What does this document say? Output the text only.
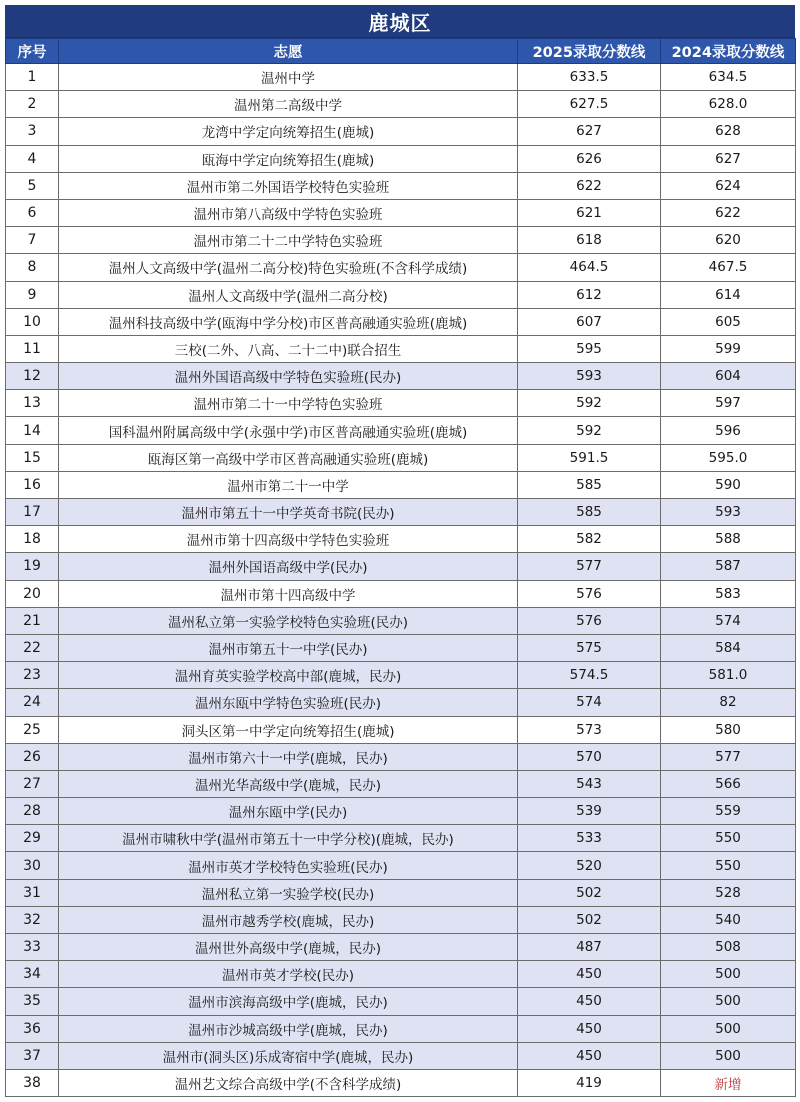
鹿城区
序号	志愿	2025录取分数线	2024录取分数线
1	温州中学	633.5	634.5
2	温州第二高级中学	627.5	628.0
3	龙湾中学定向统筹招生(鹿城)	627	628
4	瓯海中学定向统筹招生(鹿城)	626	627
5	温州市第二外国语学校特色实验班	622	624
6	温州市第八高级中学特色实验班	621	622
7	温州市第二十二中学特色实验班	618	620
8	温州人文高级中学(温州二高分校)特色实验班(不含科学成绩)	464.5	467.5
9	温州人文高级中学(温州二高分校)	612	614
10	温州科技高级中学(瓯海中学分校)市区普高融通实验班(鹿城)	607	605
11	三校(二外、八高、二十二中)联合招生	595	599
12	温州外国语高级中学特色实验班(民办)	593	604
13	温州市第二十一中学特色实验班	592	597
14	国科温州附属高级中学(永强中学)市区普高融通实验班(鹿城)	592	596
15	瓯海区第一高级中学市区普高融通实验班(鹿城)	591.5	595.0
16	温州市第二十一中学	585	590
17	温州市第五十一中学英奇书院(民办)	585	593
18	温州市第十四高级中学特色实验班	582	588
19	温州外国语高级中学(民办)	577	587
20	温州市第十四高级中学	576	583
21	温州私立第一实验学校特色实验班(民办)	576	574
22	温州市第五十一中学(民办)	575	584
23	温州育英实验学校高中部(鹿城，民办)	574.5	581.0
24	温州东瓯中学特色实验班(民办)	574	82
25	洞头区第一中学定向统筹招生(鹿城)	573	580
26	温州市第六十一中学(鹿城，民办)	570	577
27	温州光华高级中学(鹿城，民办)	543	566
28	温州东瓯中学(民办)	539	559
29	温州市啸秋中学(温州市第五十一中学分校)(鹿城，民办)	533	550
30	温州市英才学校特色实验班(民办)	520	550
31	温州私立第一实验学校(民办)	502	528
32	温州市越秀学校(鹿城，民办)	502	540
33	温州世外高级中学(鹿城，民办)	487	508
34	温州市英才学校(民办)	450	500
35	温州市滨海高级中学(鹿城，民办)	450	500
36	温州市沙城高级中学(鹿城，民办)	450	500
37	温州市(洞头区)乐成寄宿中学(鹿城，民办)	450	500
38	温州艺文综合高级中学(不含科学成绩)	419	新增
